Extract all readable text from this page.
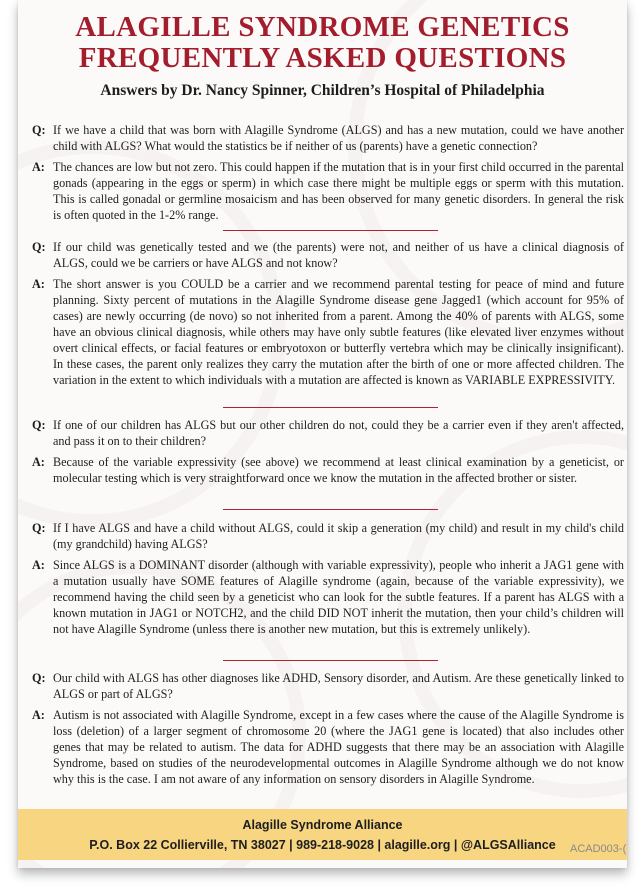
ALAGILLE SYNDROME GENETICS
FREQUENTLY ASKED QUESTIONS
Answers by Dr. Nancy Spinner, Children’s Hospital of Philadelphia
Q: If we have a child that was born with Alagille Syndrome (ALGS) and has a new mutation, could we have another child with ALGS? What would the statistics be if neither of us (parents) have a genetic connection?
A: The chances are low but not zero. This could happen if the mutation that is in your first child occurred in the parental gonads (appearing in the eggs or sperm) in which case there might be multiple eggs or sperm with this mutation. This is called gonadal or germline mosaicism and has been observed for many genetic disorders. In general the risk is often quoted in the 1-2% range.
Q: If our child was genetically tested and we (the parents) were not, and neither of us have a clinical diagnosis of ALGS, could we be carriers or have ALGS and not know?
A: The short answer is you COULD be a carrier and we recommend parental testing for peace of mind and future planning. Sixty percent of mutations in the Alagille Syndrome disease gene Jagged1 (which account for 95% of cases) are newly occurring (de novo) so not inherited from a parent. Among the 40% of parents with ALGS, some have an obvious clinical diagnosis, while others may have only subtle features (like elevated liver enzymes without overt clinical effects, or facial features or embryotoxon or butterfly vertebra which may be clinically insignificant). In these cases, the parent only realizes they carry the mutation after the birth of one or more affected children. The variation in the extent to which individuals with a mutation are affected is known as VARIABLE EXPRESSIVITY.
Q: If one of our children has ALGS but our other children do not, could they be a carrier even if they aren't affected, and pass it on to their children?
A: Because of the variable expressivity (see above) we recommend at least clinical examination by a geneticist, or molecular testing which is very straightforward once we know the mutation in the affected brother or sister.
Q: If I have ALGS and have a child without ALGS, could it skip a generation (my child) and result in my child's child (my grandchild) having ALGS?
A: Since ALGS is a DOMINANT disorder (although with variable expressivity), people who inherit a JAG1 gene with a mutation usually have SOME features of Alagille syndrome (again, because of the variable expressivity), we recommend having the child seen by a geneticist who can look for the subtle features. If a parent has ALGS with a known mutation in JAG1 or NOTCH2, and the child DID NOT inherit the mutation, then your child’s children will not have Alagille Syndrome (unless there is another new mutation, but this is extremely unlikely).
Q: Our child with ALGS has other diagnoses like ADHD, Sensory disorder, and Autism. Are these genetically linked to ALGS or part of ALGS?
A: Autism is not associated with Alagille Syndrome, except in a few cases where the cause of the Alagille Syndrome is loss (deletion) of a larger segment of chromosome 20 (where the JAG1 gene is located) that also includes other genes that may be related to autism. The data for ADHD suggests that there may be an association with Alagille Syndrome, based on studies of the neurodevelopmental outcomes in Alagille Syndrome although we do not know why this is the case. I am not aware of any information on sensory disorders in Alagille Syndrome.
Alagille Syndrome Alliance
P.O. Box 22 Collierville, TN 38027 | 989-218-9028 | alagille.org | @ALGSAlliance	ACAD003-(
